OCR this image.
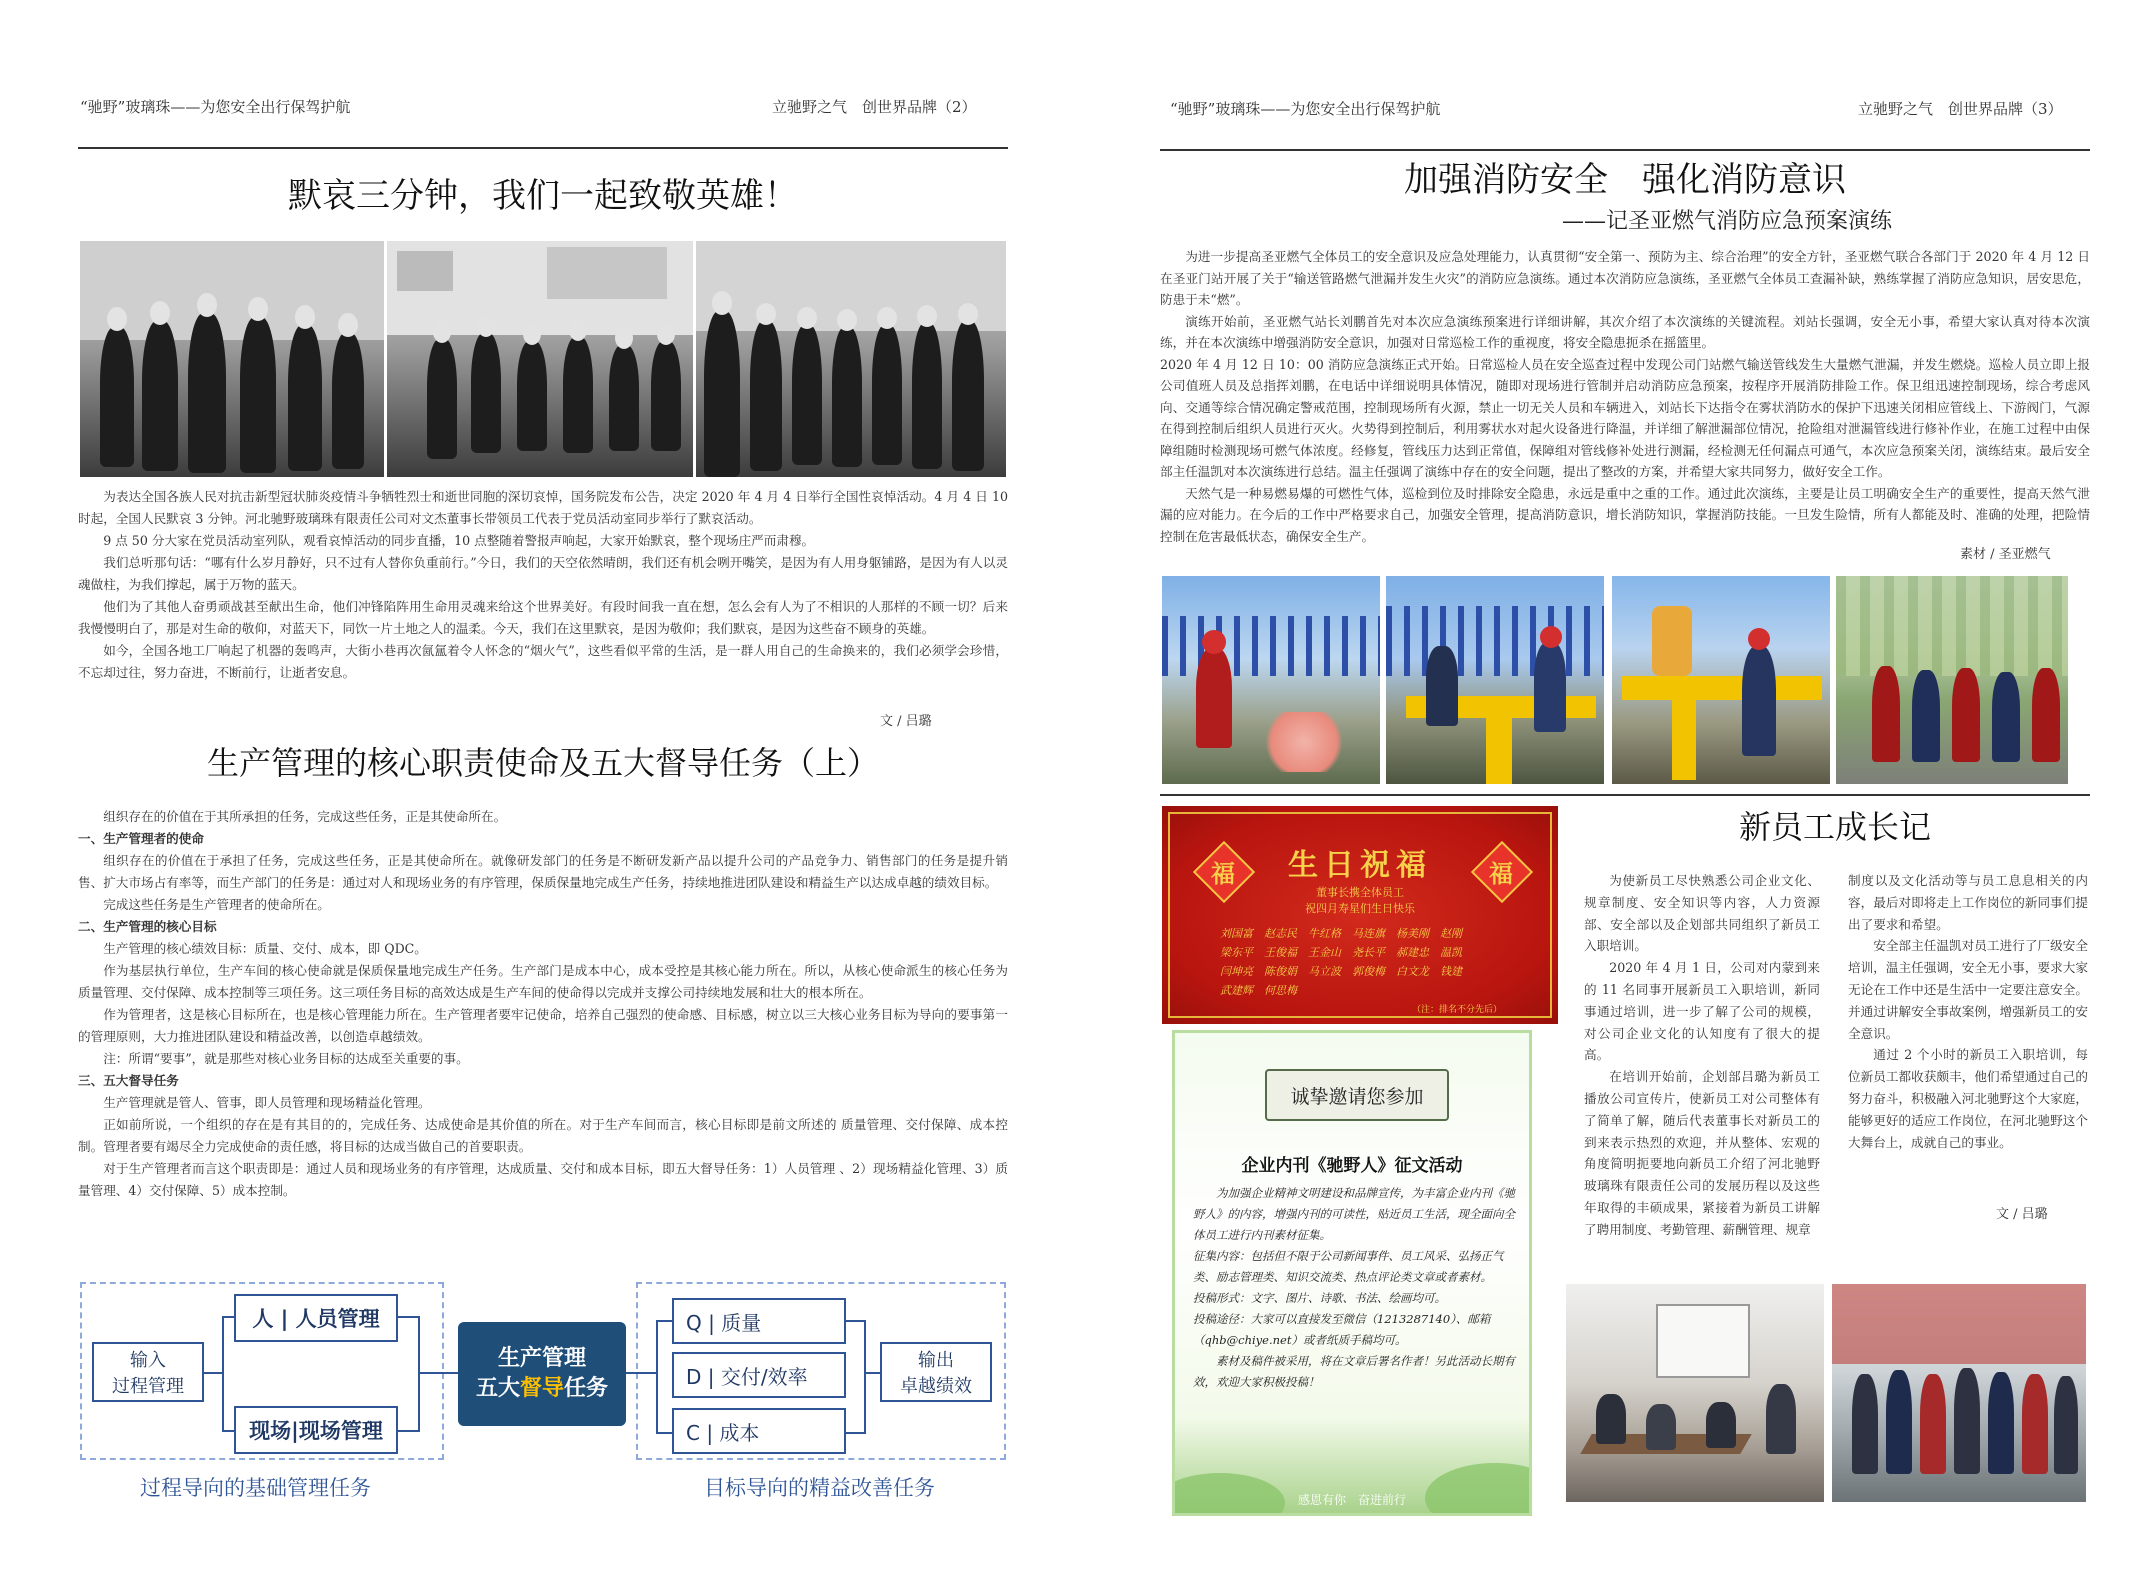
“驰野”玻璃珠——为您安全出行保驾护航	立驰野之气　创世界品牌（2）
默哀三分钟，我们一起致敬英雄！

为表达全国各族人民对抗击新型冠状肺炎疫情斗争牺牲烈士和逝世同胞的深切哀悼，国务院发布公告，决定 2020 年 4 月 4 日举行全国性哀悼活动。4 月 4 日 10 时起，全国人民默哀 3 分钟。河北驰野玻璃珠有限责任公司对文杰董事长带领员工代表于党员活动室同步举行了默哀活动。

9 点 50 分大家在党员活动室列队，观看哀悼活动的同步直播，10 点整随着警报声响起，大家开始默哀，整个现场庄严而肃穆。

我们总听那句话：“哪有什么岁月静好，只不过有人替你负重前行。”今日，我们的天空依然晴朗，我们还有机会咧开嘴笑，是因为有人用身躯铺路，是因为有人以灵魂做柱，为我们撑起，属于万物的蓝天。

他们为了其他人奋勇顽战甚至献出生命，他们冲锋陷阵用生命用灵魂来给这个世界美好。有段时间我一直在想，怎么会有人为了不相识的人那样的不顾一切？后来我慢慢明白了，那是对生命的敬仰，对蓝天下，同饮一片土地之人的温柔。今天，我们在这里默哀，是因为敬仰；我们默哀，是因为这些奋不顾身的英雄。

如今，全国各地工厂响起了机器的轰鸣声，大街小巷再次氤氲着令人怀念的“烟火气”，这些看似平常的生活，是一群人用自己的生命换来的，我们必须学会珍惜，不忘却过往，努力奋进，不断前行，让逝者安息。

文 / 吕璐
生产管理的核心职责使命及五大督导任务（上）

组织存在的价值在于其所承担的任务，完成这些任务，正是其使命所在。

一、生产管理者的使命

组织存在的价值在于承担了任务，完成这些任务，正是其使命所在。就像研发部门的任务是不断研发新产品以提升公司的产品竞争力、销售部门的任务是提升销售、扩大市场占有率等，而生产部门的任务是：通过对人和现场业务的有序管理，保质保量地完成生产任务，持续地推进团队建设和精益生产以达成卓越的绩效目标。

完成这些任务是生产管理者的使命所在。

二、生产管理的核心目标

生产管理的核心绩效目标：质量、交付、成本，即 QDC。

作为基层执行单位，生产车间的核心使命就是保质保量地完成生产任务。生产部门是成本中心，成本受控是其核心能力所在。所以，从核心使命派生的核心任务为质量管理、交付保障、成本控制等三项任务。这三项任务目标的高效达成是生产车间的使命得以完成并支撑公司持续地发展和壮大的根本所在。

作为管理者，这是核心目标所在，也是核心管理能力所在。生产管理者要牢记使命，培养自己强烈的使命感、目标感，树立以三大核心业务目标为导向的要事第一的管理原则，大力推进团队建设和精益改善，以创造卓越绩效。

注：所谓“要事”，就是那些对核心业务目标的达成至关重要的事。

三、五大督导任务

生产管理就是管人、管事，即人员管理和现场精益化管理。

正如前所说，一个组织的存在是有其目的的，完成任务、达成使命是其价值的所在。对于生产车间而言，核心目标即是前文所述的 质量管理、交付保障、成本控制。管理者要有竭尽全力完成使命的责任感，将目标的达成当做自己的首要职责。

对于生产管理者而言这个职责即是：通过人员和现场业务的有序管理，达成质量、交付和成本目标，即五大督导任务：1）人员管理 、2）现场精益化管理、3）质量管理、4）交付保障、5）成本控制。

输入
过程管理
人 | 人员管理
现场|现场管理
生产管理
五大督导任务
Q | 质量
D | 交付/效率
C | 成本
输出
卓越绩效
过程导向的基础管理任务	目标导向的精益改善任务
“驰野”玻璃珠——为您安全出行保驾护航	立驰野之气　创世界品牌（3）
加强消防安全　强化消防意识
——记圣亚燃气消防应急预案演练

为进一步提高圣亚燃气全体员工的安全意识及应急处理能力，认真贯彻“安全第一、预防为主、综合治理”的安全方针，圣亚燃气联合各部门于 2020 年 4 月 12 日在圣亚门站开展了关于“输送管路燃气泄漏并发生火灾”的消防应急演练。通过本次消防应急演练，圣亚燃气全体员工查漏补缺，熟练掌握了消防应急知识，居安思危，防患于未“燃”。

演练开始前，圣亚燃气站长刘鹏首先对本次应急演练预案进行详细讲解，其次介绍了本次演练的关键流程。刘站长强调，安全无小事，希望大家认真对待本次演练，并在本次演练中增强消防安全意识，加强对日常巡检工作的重视度，将安全隐患扼杀在摇篮里。

2020 年 4 月 12 日 10：00 消防应急演练正式开始。日常巡检人员在安全巡查过程中发现公司门站燃气输送管线发生大量燃气泄漏，并发生燃烧。巡检人员立即上报公司值班人员及总指挥刘鹏，在电话中详细说明具体情况，随即对现场进行管制并启动消防应急预案，按程序开展消防排险工作。保卫组迅速控制现场，综合考虑风向、交通等综合情况确定警戒范围，控制现场所有火源，禁止一切无关人员和车辆进入，刘站长下达指令在雾状消防水的保护下迅速关闭相应管线上、下游阀门，气源在得到控制后组织人员进行灭火。火势得到控制后，利用雾状水对起火设备进行降温，并详细了解泄漏部位情况，抢险组对泄漏管线进行修补作业，在施工过程中由保障组随时检测现场可燃气体浓度。经修复，管线压力达到正常值，保障组对管线修补处进行测漏，经检测无任何漏点可通气，本次应急预案关闭，演练结束。最后安全部主任温凯对本次演练进行总结。温主任强调了演练中存在的安全问题，提出了整改的方案，并希望大家共同努力，做好安全工作。

天然气是一种易燃易爆的可燃性气体，巡检到位及时排除安全隐患，永远是重中之重的工作。通过此次演练，主要是让员工明确安全生产的重要性，提高天然气泄漏的应对能力。在今后的工作中严格要求自己，加强安全管理，提高消防意识，增长消防知识，掌握消防技能。一旦发生险情，所有人都能及时、准确的处理，把险情控制在危害最低状态，确保安全生产。

素材 / 圣亚燃气
福	福
生日祝福
董事长携全体员工
祝四月寿星们生日快乐
刘国富　赵志民　牛红格　马连旗　杨美刚　赵刚
梁东平　王俊福　王金山　尧长平　郝建忠　温凯
闫坤亮　陈俊娟　马立波　郭俊梅　白文龙　钱建
武建辉　何思梅
（注：排名不分先后）
诚挚邀请您参加
企业内刊《驰野人》征文活动
为加强企业精神文明建设和品牌宣传，为丰富企业内刊《驰野人》的内容，增强内刊的可读性，贴近员工生活，现全面向全体员工进行内刊素材征集。
征集内容：包括但不限于公司新闻事件、员工风采、弘扬正气类、励志管理类、知识交流类、热点评论类文章或者素材。
投稿形式：文字、图片、诗歌、书法、绘画均可。
投稿途径：大家可以直接发至微信（1213287140）、邮箱（qhb@chiye.net）或者纸质手稿均可。
素材及稿件被采用，将在文章后署名作者！另此活动长期有效，欢迎大家积极投稿！
感恩有你　奋进前行
新员工成长记

为使新员工尽快熟悉公司企业文化、规章制度、安全知识等内容，人力资源部、安全部以及企划部共同组织了新员工入职培训。

2020 年 4 月 1 日，公司对内蒙到来的 11 名同事开展新员工入职培训，新同事通过培训，进一步了解了公司的规模，对公司企业文化的认知度有了很大的提高。

在培训开始前，企划部吕璐为新员工播放公司宣传片，使新员工对公司整体有了简单了解，随后代表董事长对新员工的到来表示热烈的欢迎，并从整体、宏观的角度简明扼要地向新员工介绍了河北驰野玻璃珠有限责任公司的发展历程以及这些年取得的丰硕成果，紧接着为新员工讲解了聘用制度、考勤管理、薪酬管理、规章

制度以及文化活动等与员工息息相关的内容，最后对即将走上工作岗位的新同事们提出了要求和希望。

安全部主任温凯对员工进行了厂级安全培训，温主任强调，安全无小事，要求大家无论在工作中还是生活中一定要注意安全。并通过讲解安全事故案例，增强新员工的安全意识。

通过 2 个小时的新员工入职培训，每位新员工都收获颇丰，他们希望通过自己的努力奋斗，积极融入河北驰野这个大家庭，能够更好的适应工作岗位，在河北驰野这个大舞台上，成就自己的事业。

文 / 吕璐
